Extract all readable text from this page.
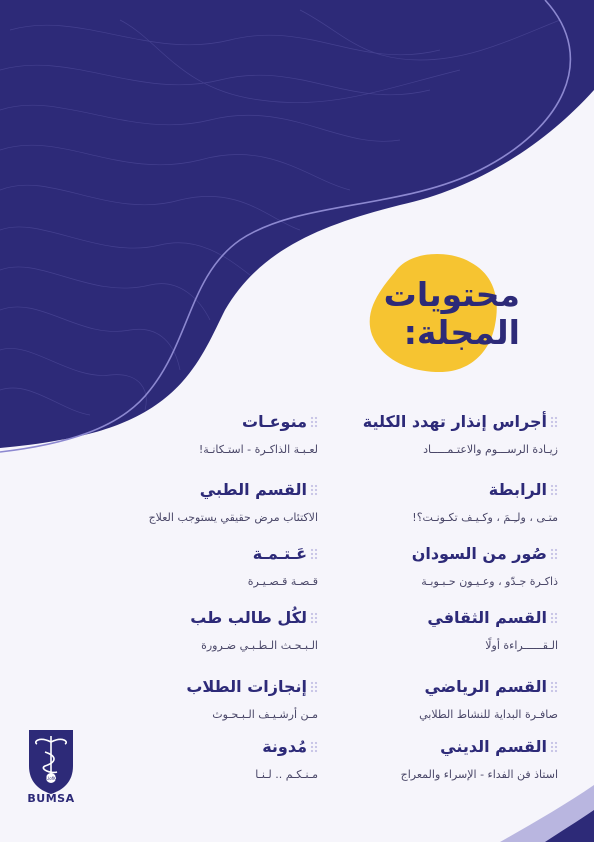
محتويات
المجلة:
أجراس إنذار تهدد الكلية
زيـادة الرســـوم والاعتـمـــــاد
الرابطة
متـى ، ولـِـمَ ، وكـيـف تكـونـت؟!
صُور من السودان
ذاكـرة جـدّو ، وعـيـون حـبـوبـة
القسم الثقافي
الـقــــــراءة أولًا
القسم الرياضي
صافـرة البداية للنشاط الطلابي
القسم الديني
استاذ فن الفداء - الإسراء والمعراج
منوعـات
لعـبـة الذاكـرة - استـكانـة!
القسم الطبي
الاكتئاب مرض حقيقي يستوجب العلاج
عَـتـمـة
قـصـة قـصـيـرة
لكُل طالب طب
الـبـحـث الـطـبـي ضـرورة
إنجازات الطلاب
مـن أرشـيـف الـبـحـوث
مُدونة
مـنـكـم .. لـنـا
UofK
BUMSA
